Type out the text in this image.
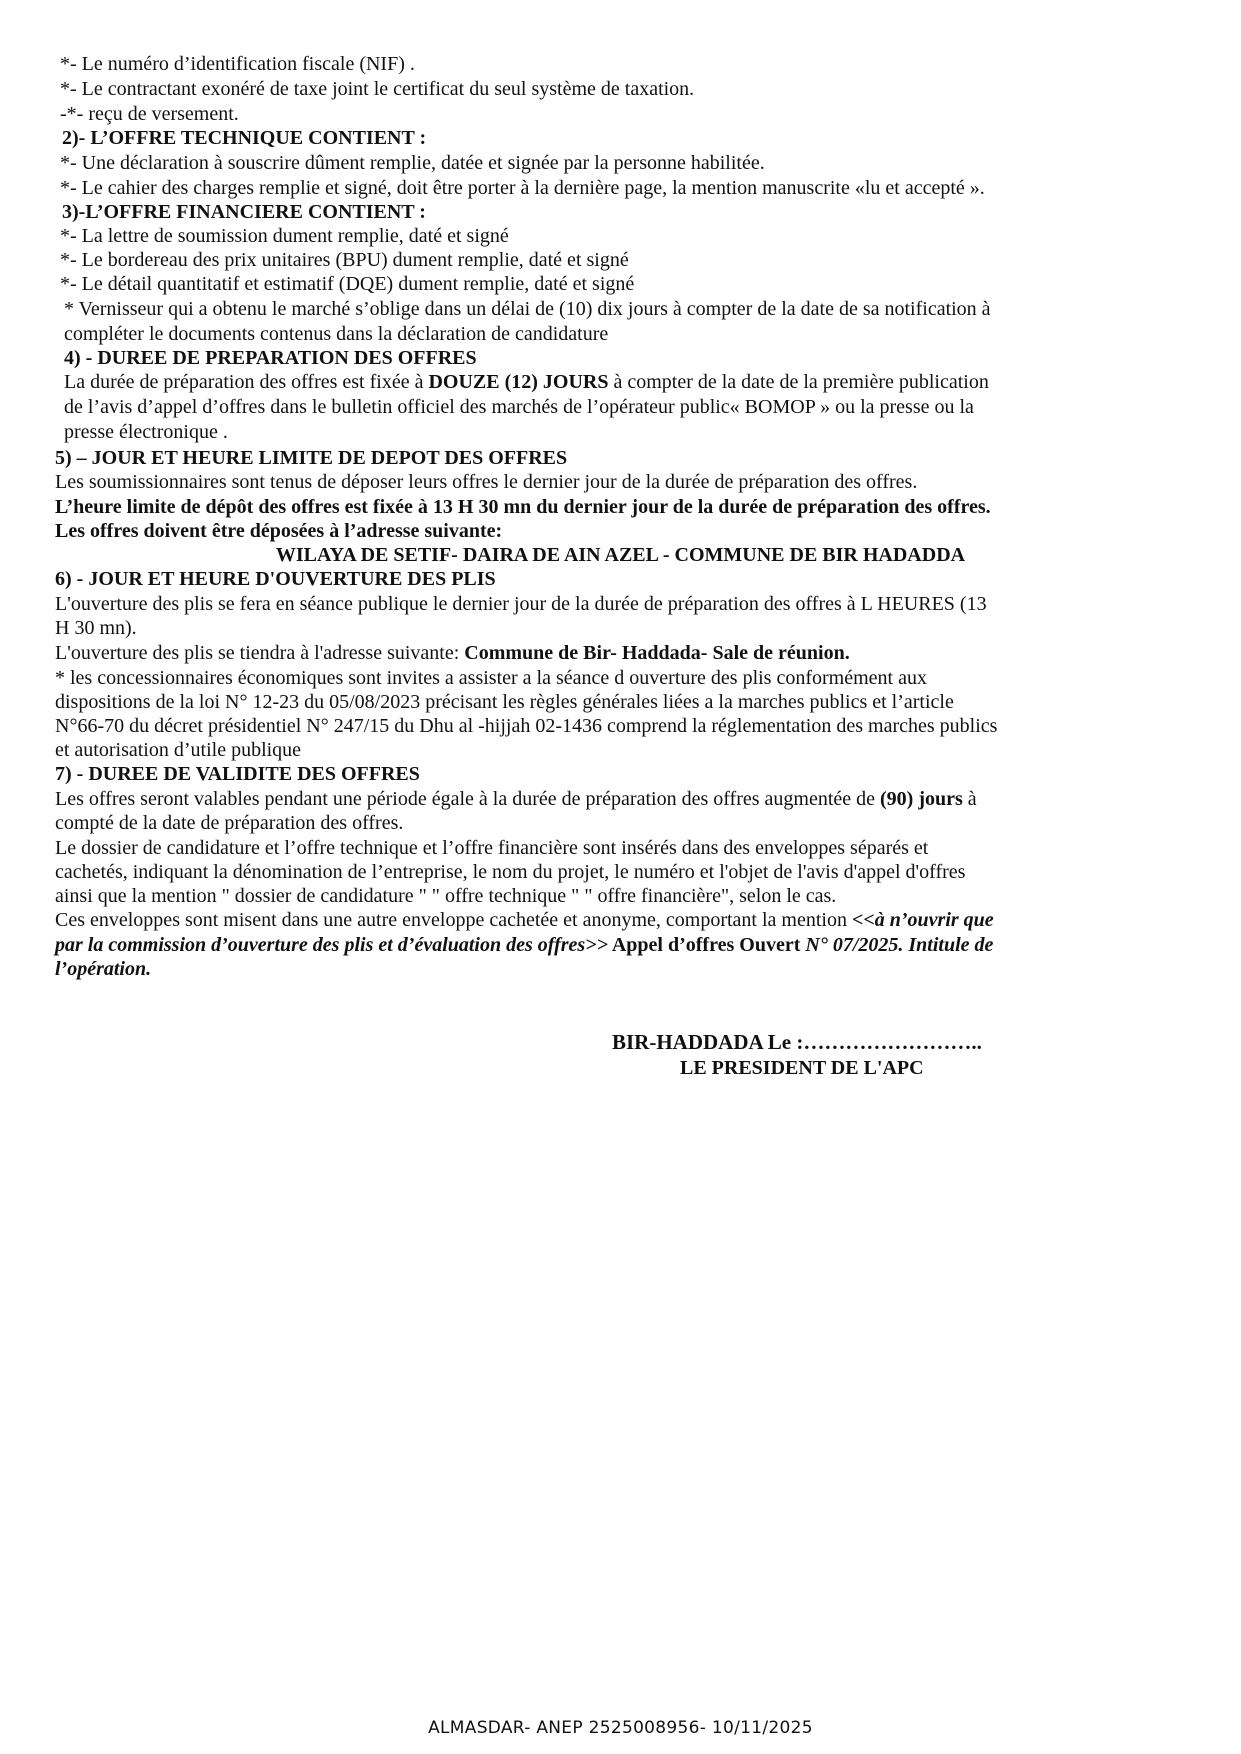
*- Le numéro d’identification fiscale (NIF) .
*- Le contractant exonéré de taxe joint le certificat du seul système de taxation.
-*- reçu de versement.
2)- L’OFFRE TECHNIQUE CONTIENT :
*- Une déclaration à souscrire dûment remplie, datée et signée par la personne habilitée.
*- Le cahier des charges remplie et signé, doit être porter à la dernière page, la mention manuscrite «lu et accepté ».
3)-L’OFFRE FINANCIERE CONTIENT :
*- La lettre de soumission dument remplie, daté et signé
*- Le bordereau des prix unitaires (BPU) dument remplie, daté et signé
*- Le détail quantitatif et estimatif (DQE) dument remplie, daté et signé
* Vernisseur qui a obtenu le marché s’oblige dans un délai de (10) dix jours à compter de la date de sa notification à
compléter le documents contenus dans la déclaration de candidature
4) - DUREE DE PREPARATION DES OFFRES
La durée de préparation des offres est fixée à DOUZE (12) JOURS à compter de la date de la première publication
de l’avis d’appel d’offres dans le bulletin officiel des marchés de l’opérateur public« BOMOP » ou la presse ou la
presse électronique .
5) – JOUR ET HEURE LIMITE DE DEPOT DES OFFRES
Les soumissionnaires sont tenus de déposer leurs offres le dernier jour de la durée de préparation des offres.
L’heure limite de dépôt des offres est fixée à 13 H 30 mn du dernier jour de la durée de préparation des offres.
Les offres doivent être déposées à l’adresse suivante:
WILAYA DE SETIF- DAIRA DE AIN AZEL - COMMUNE DE BIR HADADDA
6) - JOUR ET HEURE D'OUVERTURE DES PLIS
L'ouverture des plis se fera en séance publique le dernier jour de la durée de préparation des offres à L HEURES (13
H 30 mn).
L'ouverture des plis se tiendra à l'adresse suivante: Commune de Bir- Haddada- Sale de réunion.
* les concessionnaires économiques sont invites a assister a la séance d ouverture des plis conformément aux
dispositions de la loi N° 12-23 du 05/08/2023 précisant les règles générales liées a la marches publics et l’article
N°66-70 du décret présidentiel N° 247/15 du Dhu al -hijjah 02-1436 comprend la réglementation des marches publics
et autorisation d’utile publique
7) - DUREE DE VALIDITE DES OFFRES
Les offres seront valables pendant une période égale à la durée de préparation des offres augmentée de (90) jours à
compté de la date de préparation des offres.
Le dossier de candidature et l’offre technique et l’offre financière sont insérés dans des enveloppes séparés et
cachetés, indiquant la dénomination de l’entreprise, le nom du projet, le numéro et l'objet de l'avis d'appel d'offres
ainsi que la mention " dossier de candidature " " offre technique " " offre financière", selon le cas.
Ces enveloppes sont misent dans une autre enveloppe cachetée et anonyme, comportant la mention <<à n’ouvrir que
par la commission d’ouverture des plis et d’évaluation des offres>> Appel d’offres Ouvert N° 07/2025. Intitule de
l’opération.
BIR-HADDADA Le :……………………..
LE PRESIDENT DE L'APC
ALMASDAR- ANEP 2525008956- 10/11/2025
